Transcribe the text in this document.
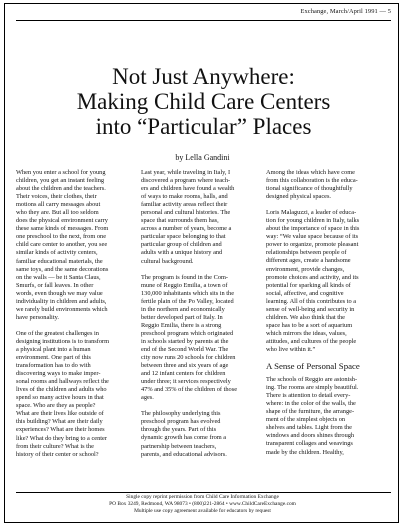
Exchange, March/April 1991 — 5
Not Just Anywhere:
Making Child Care Centers
into “Particular” Places
by Lella Gandini

When you enter a school for young
children, you get an instant feeling
about the children and the teachers.
Their voices, their clothes, their
motions all carry messages about
who they are. But all too seldom
does the physical environment carry
these same kinds of messages. From
one preschool to the next, from one
child care center to another, you see
similar kinds of activity centers,
familiar educational materials, the
same toys, and the same decorations
on the walls — be it Santa Claus,
Smurfs, or fall leaves. In other
words, even though we may value
individuality in children and adults,
we rarely build environments which
have personality.

One of the greatest challenges in
designing institutions is to transform
a physical plant into a human
environment. One part of this
transformation has to do with
discovering ways to make imper-
sonal rooms and hallways reflect the
lives of the children and adults who
spend so many active hours in that
space. Who are they as people?
What are their lives like outside of
this building? What are their daily
experiences? What are their homes
like? What do they bring to a center
from their culture? What is the
history of their center or school?

Last year, while traveling in Italy, I
discovered a program where teach-
ers and children have found a wealth
of ways to make rooms, halls, and
familiar activity areas reflect their
personal and cultural histories. The
space that surrounds them has,
across a number of years, become a
particular space belonging to that
particular group of children and
adults with a unique history and
cultural background.

The program is found in the Com-
mune of Reggio Emilia, a town of
130,000 inhabitants which sits in the
fertile plain of the Po Valley, located
in the northern and economically
better developed part of Italy. In
Reggio Emilia, there is a strong
preschool program which originated
in schools started by parents at the
end of the Second World War. The
city now runs 20 schools for children
between three and six years of age
and 12 infant centers for children
under three; it services respectively
47% and 35% of the children of those
ages.

The philosophy underlying this
preschool program has evolved
through the years. Part of this
dynamic growth has come from a
partnership between teachers,
parents, and educational advisors.

Among the ideas which have come
from this collaboration is the educa-
tional significance of thoughtfully
designed physical spaces.

Loris Malaguzzi, a leader of educa-
tion for young children in Italy, talks
about the importance of space in this
way: “We value space because of its
power to organize, promote pleasant
relationships between people of
different ages, create a handsome
environment, provide changes,
promote choices and activity, and its
potential for sparking all kinds of
social, affective, and cognitive
learning. All of this contributes to a
sense of well-being and security in
children. We also think that the
space has to be a sort of aquarium
which mirrors the ideas, values,
attitudes, and cultures of the people
who live within it.”

A Sense of Personal Space

The schools of Reggio are astonish-
ing. The rooms are simply beautiful.
There is attention to detail every-
where: in the color of the walls, the
shape of the furniture, the arrange-
ment of the simplest objects on
shelves and tables. Light from the
windows and doors shines through
transparent collages and weavings
made by the children. Healthy,

Single copy reprint permission from Child Care Information Exchange
PO Box 3249, Redmond, WA 98073 • (800)221-2864 • www.ChildCareExchange.com
Multiple use copy agreement available for educators by request
